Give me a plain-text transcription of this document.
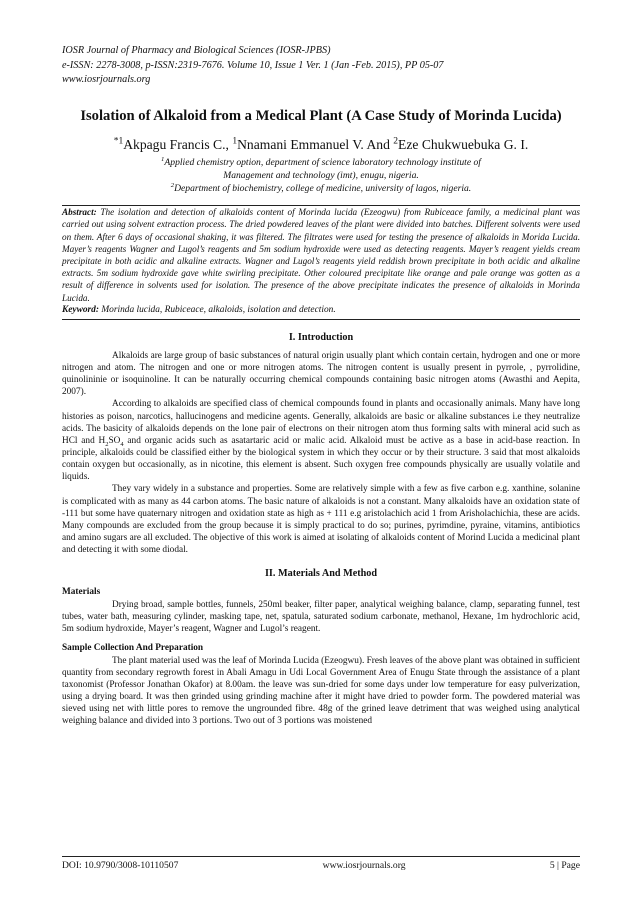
IOSR Journal of Pharmacy and Biological Sciences (IOSR-JPBS)
e-ISSN: 2278-3008, p-ISSN:2319-7676. Volume 10, Issue 1 Ver. 1 (Jan -Feb. 2015), PP 05-07
www.iosrjournals.org
Isolation of Alkaloid from a Medical Plant (A Case Study of Morinda Lucida)
$^{*1}$Akpagu Francis C., $^1$Nnamani Emmanuel V. And $^2$Eze Chukwuebuka G. I.
$^1$Applied chemistry option, department of science laboratory technology institute of
Management and technology (imt), enugu, nigeria.
$^2$Department of biochemistry, college of medicine, university of lagos, nigeria.
Abstract: The isolation and detection of alkaloids content of Morinda lucida (Ezeogwu) from Rubiceace family, a medicinal plant was carried out using solvent extraction process. The dried powdered leaves of the plant were divided into batches. Different solvents were used on them. After 6 days of occasional shaking, it was filtered. The filtrates were used for testing the presence of alkaloids in Morida Lucida. Mayer’s reagents Wagner and Lugol’s reagents and 5m sodium hydroxide were used as detecting reagents. Mayer’s reagent yields cream precipitate in both acidic and alkaline extracts. Wagner and Lugol’s reagents yield reddish brown precipitate in both acidic and alkaline extracts. 5m sodium hydroxide gave white swirling precipitate. Other coloured precipitate like orange and pale orange was gotten as a result of difference in solvents used for isolation. The presence of the above precipitate indicates the presence of alkaloids in Morinda Lucida.
Keyword: Morinda lucida, Rubiceace, alkaloids, isolation and detection.
I. Introduction

Alkaloids are large group of basic substances of natural origin usually plant which contain certain, hydrogen and one or more nitrogen and atom. The nitrogen and one or more nitrogen atoms. The nitrogen content is usually present in pyrrole, , pyrrolidine, quinolininie or isoquinoline. It can be naturally occurring chemical compounds containing basic nitrogen atoms (Awasthi and Aepita, 2007).

According to alkaloids are specified class of chemical compounds found in plants and occasionally animals. Many have long histories as poison, narcotics, hallucinogens and medicine agents. Generally, alkaloids are basic or alkaline substances i.e they neutralize acids. The basicity of alkaloids depends on the lone pair of electrons on their nitrogen atom thus forming salts with mineral acid such as HCl and $H_2SO_4$ and organic acids such as asatartaric acid or malic acid. Alkaloid must be active as a base in acid-base reaction. In principle, alkaloids could be classified either by the biological system in which they occur or by their structure. 3 said that most alkaloids contain oxygen but occasionally, as in nicotine, this element is absent. Such oxygen free compounds physically are usually volatile and liquids.

They vary widely in a substance and properties. Some are relatively simple with a few as five carbon e.g. xanthine, solanine is complicated with as many as 44 carbon atoms. The basic nature of alkaloids is not a constant. Many alkaloids have an oxidation state of -111 but some have quaternary nitrogen and oxidation state as high as + 111 e.g aristolachich acid 1 from Arisholachichia, these are acids. Many compounds are excluded from the group because it is simply practical to do so; purines, pyrimdine, pyraine, vitamins, antibiotics and amino sugars are all excluded. The objective of this work is aimed at isolating of alkaloids content of Morind Lucida a medicinal plant and detecting it with some diodal.

II. Materials And Method

Materials

Drying broad, sample bottles, funnels, 250ml beaker, filter paper, analytical weighing balance, clamp, separating funnel, test tubes, water bath, measuring cylinder, masking tape, net, spatula, saturated sodium carbonate, methanol, Hexane, 1m hydrochloric acid, 5m sodium hydroxide, Mayer’s reagent, Wagner and Lugol’s reagent.

Sample Collection And Preparation

The plant material used was the leaf of Morinda Lucida (Ezeogwu). Fresh leaves of the above plant was obtained in sufficient quantity from secondary regrowth forest in Abali Amagu in Udi Local Government Area of Enugu State through the assistance of a plant taxonomist (Professor Jonathan Okafor) at 8.00am. the leave was sun-dried for some days under low temperature for easy pulverization, using a drying board. It was then grinded using grinding machine after it might have dried to powder form. The powdered material was sieved using net with little pores to remove the ungrounded fibre. 48g of the grined leave detriment that was weighed using analytical weighing balance and divided into 3 portions. Two out of 3 portions was moistened

DOI: 10.9790/3008-10110507	www.iosrjournals.org	5 | Page
